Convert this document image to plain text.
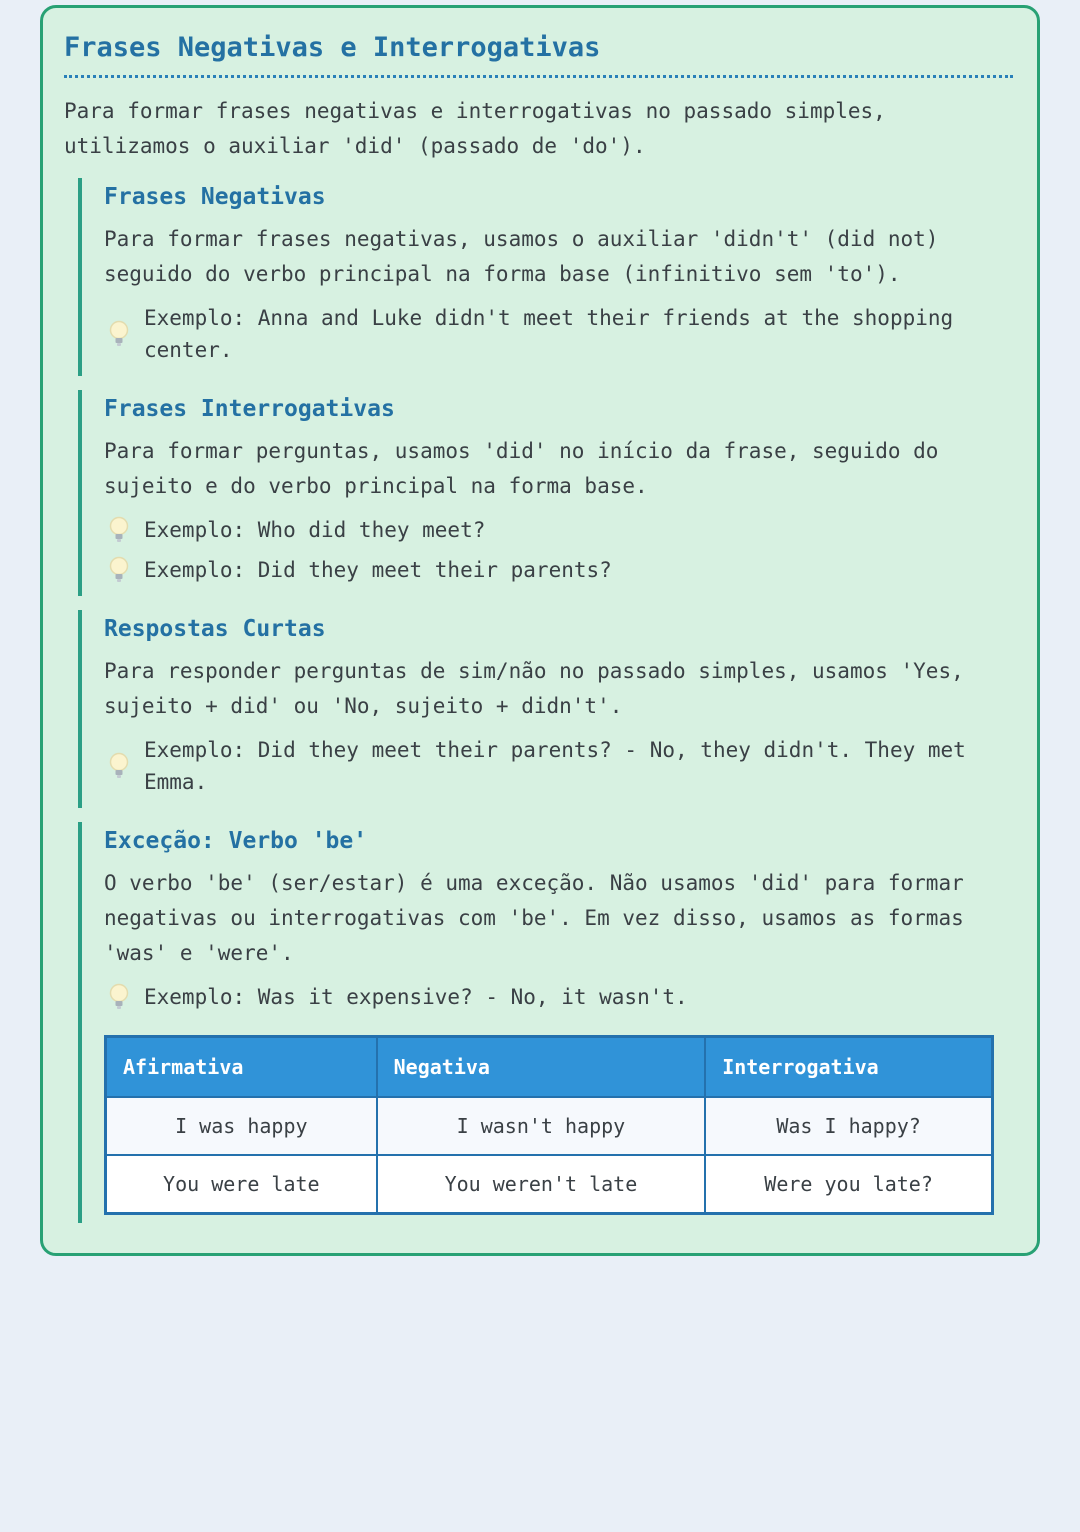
Frases Negativas e Interrogativas

Para formar frases negativas e interrogativas no passado simples, utilizamos o auxiliar 'did' (passado de 'do').

Frases Negativas

Para formar frases negativas, usamos o auxiliar 'didn't' (did not) seguido do verbo principal na forma base (infinitivo sem 'to').

Exemplo: Anna and Luke didn't meet their friends at the shopping center.
Frases Interrogativas

Para formar perguntas, usamos 'did' no início da frase, seguido do sujeito e do verbo principal na forma base.

Exemplo: Who did they meet?
Exemplo: Did they meet their parents?
Respostas Curtas

Para responder perguntas de sim/não no passado simples, usamos 'Yes, sujeito + did' ou 'No, sujeito + didn't'.

Exemplo: Did they meet their parents? - No, they didn't. They met Emma.
Exceção: Verbo 'be'

O verbo 'be' (ser/estar) é uma exceção. Não usamos 'did' para formar negativas ou interrogativas com 'be'. Em vez disso, usamos as formas 'was' e 'were'.

Exemplo: Was it expensive? - No, it wasn't.
Afirmativa	Negativa	Interrogativa
I was happy	I wasn't happy	Was I happy?
You were late	You weren't late	Were you late?
